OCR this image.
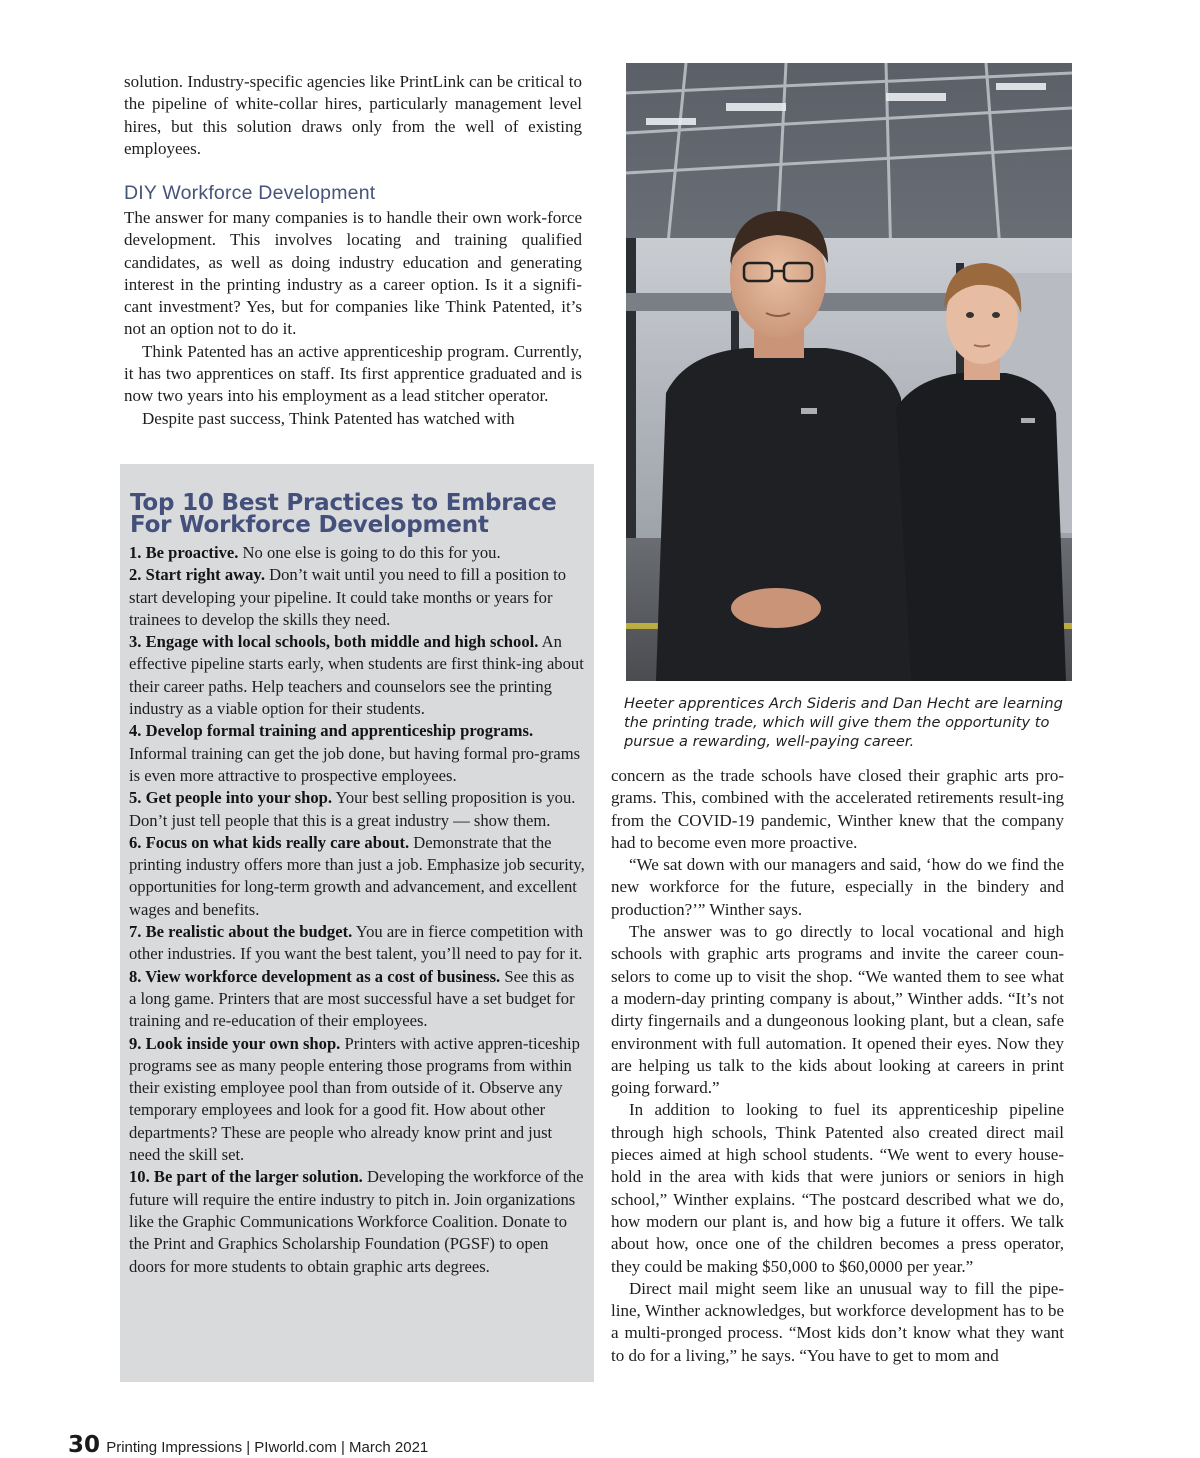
solution. Industry-specific agencies like PrintLink can be critical to the pipeline of white-collar hires, particularly management level hires, but this solution draws only from the well of existing employees.

DIY Workforce Development

The answer for many companies is to handle their own work-force development. This involves locating and training qualified candidates, as well as doing industry education and generating interest in the printing industry as a career option. Is it a signifi-cant investment? Yes, but for companies like Think Patented, it’s not an option not to do it.

Think Patented has an active apprenticeship program. Currently, it has two apprentices on staff. Its first apprentice graduated and is now two years into his employment as a lead stitcher operator.

Despite past success, Think Patented has watched with

Top 10 Best Practices to Embrace For Workforce Development

1. Be proactive. No one else is going to do this for you.

2. Start right away. Don’t wait until you need to fill a position to start developing your pipeline. It could take months or years for trainees to develop the skills they need.

3. Engage with local schools, both middle and high school. An effective pipeline starts early, when students are first think-ing about their career paths. Help teachers and counselors see the printing industry as a viable option for their students.

4. Develop formal training and apprenticeship programs. Informal training can get the job done, but having formal pro-grams is even more attractive to prospective employees.

5. Get people into your shop. Your best selling proposition is you. Don’t just tell people that this is a great industry — show them.

6. Focus on what kids really care about. Demonstrate that the printing industry offers more than just a job. Emphasize job security, opportunities for long-term growth and advancement, and excellent wages and benefits.

7. Be realistic about the budget. You are in fierce competition with other industries. If you want the best talent, you’ll need to pay for it.

8. View workforce development as a cost of business. See this as a long game. Printers that are most successful have a set budget for training and re-education of their employees.

9. Look inside your own shop. Printers with active appren-ticeship programs see as many people entering those programs from within their existing employee pool than from outside of it. Observe any temporary employees and look for a good fit. How about other departments? These are people who already know print and just need the skill set.

10. Be part of the larger solution. Developing the workforce of the future will require the entire industry to pitch in. Join organizations like the Graphic Communications Workforce Coalition. Donate to the Print and Graphics Scholarship Foundation (PGSF) to open doors for more students to obtain graphic arts degrees.

Heeter apprentices Arch Sideris and Dan Hecht are learning the printing trade, which will give them the opportunity to pursue a rewarding, well-paying career.

concern as the trade schools have closed their graphic arts pro-grams. This, combined with the accelerated retirements result-ing from the COVID-19 pandemic, Winther knew that the company had to become even more proactive.

“We sat down with our managers and said, ‘how do we find the new workforce for the future, especially in the bindery and production?’” Winther says.

The answer was to go directly to local vocational and high schools with graphic arts programs and invite the career coun-selors to come up to visit the shop. “We wanted them to see what a modern-day printing company is about,” Winther adds. “It’s not dirty fingernails and a dungeonous looking plant, but a clean, safe environment with full automation. It opened their eyes. Now they are helping us talk to the kids about looking at careers in print going forward.”

In addition to looking to fuel its apprenticeship pipeline through high schools, Think Patented also created direct mail pieces aimed at high school students. “We went to every house-hold in the area with kids that were juniors or seniors in high school,” Winther explains. “The postcard described what we do, how modern our plant is, and how big a future it offers. We talk about how, once one of the children becomes a press operator, they could be making $50,000 to $60,0000 per year.”

Direct mail might seem like an unusual way to fill the pipe-line, Winther acknowledges, but workforce development has to be a multi-pronged process. “Most kids don’t know what they want to do for a living,” he says. “You have to get to mom and

30 Printing Impressions | PIworld.com | March 2021
